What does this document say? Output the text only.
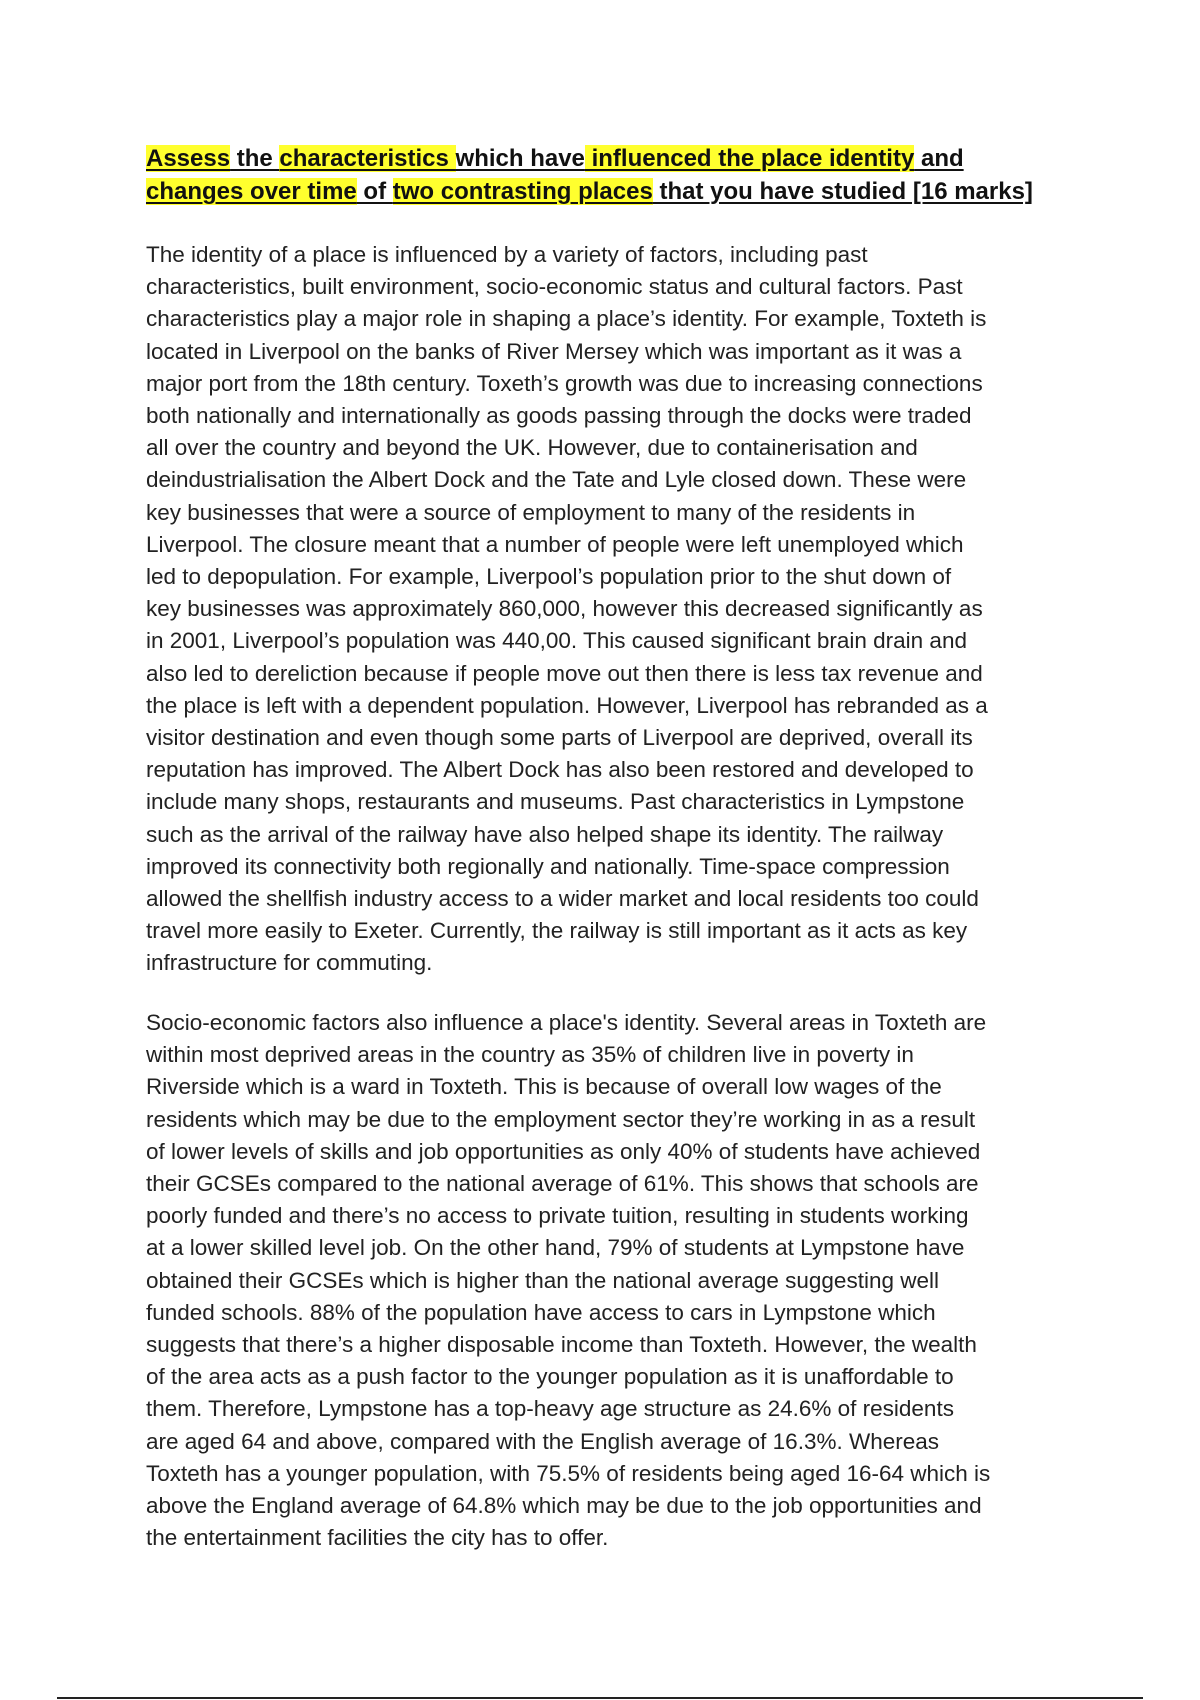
Assess the characteristics which have influenced the place identity and
changes over time of two contrasting places that you have studied [16 marks]
The identity of a place is influenced by a variety of factors, including past
characteristics, built environment, socio-economic status and cultural factors. Past
characteristics play a major role in shaping a place’s identity. For example, Toxteth is
located in Liverpool on the banks of River Mersey which was important as it was a
major port from the 18th century. Toxeth’s growth was due to increasing connections
both nationally and internationally as goods passing through the docks were traded
all over the country and beyond the UK. However, due to containerisation and
deindustrialisation the Albert Dock and the Tate and Lyle closed down. These were
key businesses that were a source of employment to many of the residents in
Liverpool. The closure meant that a number of people were left unemployed which
led to depopulation. For example, Liverpool’s population prior to the shut down of
key businesses was approximately 860,000, however this decreased significantly as
in 2001, Liverpool’s population was 440,00. This caused significant brain drain and
also led to dereliction because if people move out then there is less tax revenue and
the place is left with a dependent population. However, Liverpool has rebranded as a
visitor destination and even though some parts of Liverpool are deprived, overall its
reputation has improved. The Albert Dock has also been restored and developed to
include many shops, restaurants and museums. Past characteristics in Lympstone
such as the arrival of the railway have also helped shape its identity. The railway
improved its connectivity both regionally and nationally. Time-space compression
allowed the shellfish industry access to a wider market and local residents too could
travel more easily to Exeter. Currently, the railway is still important as it acts as key
infrastructure for commuting.
Socio-economic factors also influence a place's identity. Several areas in Toxteth are
within most deprived areas in the country as 35% of children live in poverty in
Riverside which is a ward in Toxteth. This is because of overall low wages of the
residents which may be due to the employment sector they’re working in as a result
of lower levels of skills and job opportunities as only 40% of students have achieved
their GCSEs compared to the national average of 61%. This shows that schools are
poorly funded and there’s no access to private tuition, resulting in students working
at a lower skilled level job. On the other hand, 79% of students at Lympstone have
obtained their GCSEs which is higher than the national average suggesting well
funded schools. 88% of the population have access to cars in Lympstone which
suggests that there’s a higher disposable income than Toxteth. However, the wealth
of the area acts as a push factor to the younger population as it is unaffordable to
them. Therefore, Lympstone has a top-heavy age structure as 24.6% of residents
are aged 64 and above, compared with the English average of 16.3%. Whereas
Toxteth has a younger population, with 75.5% of residents being aged 16-64 which is
above the England average of 64.8% which may be due to the job opportunities and
the entertainment facilities the city has to offer.
